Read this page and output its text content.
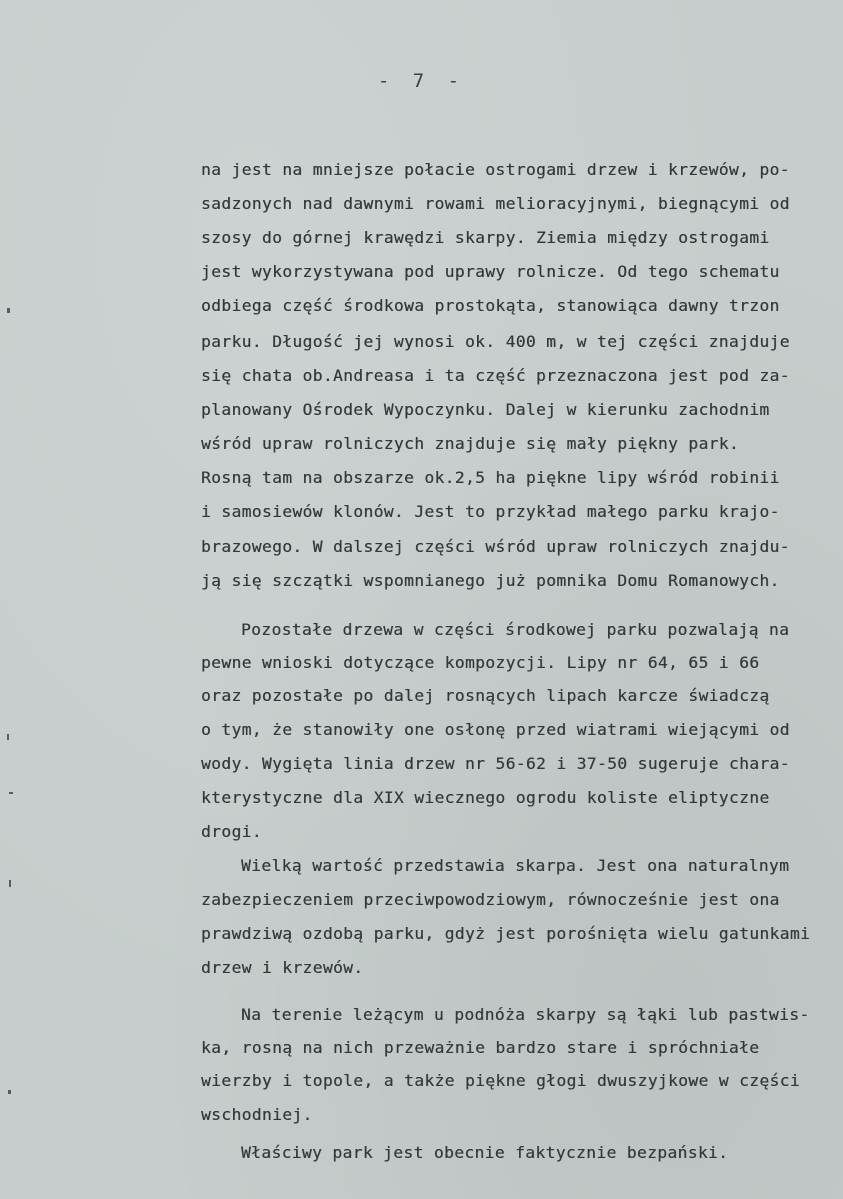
- 7 -
na jest na mniejsze połacie ostrogami drzew i krzewów, po-
sadzonych nad dawnymi rowami melioracyjnymi, biegnącymi od
szosy do górnej krawędzi skarpy. Ziemia między ostrogami
jest wykorzystywana pod uprawy rolnicze. Od tego schematu
odbiega część środkowa prostokąta, stanowiąca dawny trzon
parku. Długość jej wynosi ok. 400 m, w tej części znajduje
się chata ob.Andreasa i ta część przeznaczona jest pod za-
planowany Ośrodek Wypoczynku. Dalej w kierunku zachodnim
wśród upraw rolniczych znajduje się mały piękny park.
Rosną tam na obszarze ok.2,5 ha piękne lipy wśród robinii
i samosiewów klonów. Jest to przykład małego parku krajo-
brazowego. W dalszej części wśród upraw rolniczych znajdu-
ją się szczątki wspomnianego już pomnika Domu Romanowych.
Pozostałe drzewa w części środkowej parku pozwalają na
pewne wnioski dotyczące kompozycji. Lipy nr 64, 65 i 66
oraz pozostałe po dalej rosnących lipach karcze świadczą
o tym, że stanowiły one osłonę przed wiatrami wiejącymi od
wody. Wygięta linia drzew nr 56-62 i 37-50 sugeruje chara-
kterystyczne dla XIX wiecznego ogrodu koliste eliptyczne
drogi.
Wielką wartość przedstawia skarpa. Jest ona naturalnym
zabezpieczeniem przeciwpowodziowym, równocześnie jest ona
prawdziwą ozdobą parku, gdyż jest porośnięta wielu gatunkami
drzew i krzewów.
Na terenie leżącym u podnóża skarpy są łąki lub pastwis-
ka, rosną na nich przeważnie bardzo stare i spróchniałe
wierzby i topole, a także piękne głogi dwuszyjkowe w części
wschodniej.
Właściwy park jest obecnie faktycznie bezpański.
